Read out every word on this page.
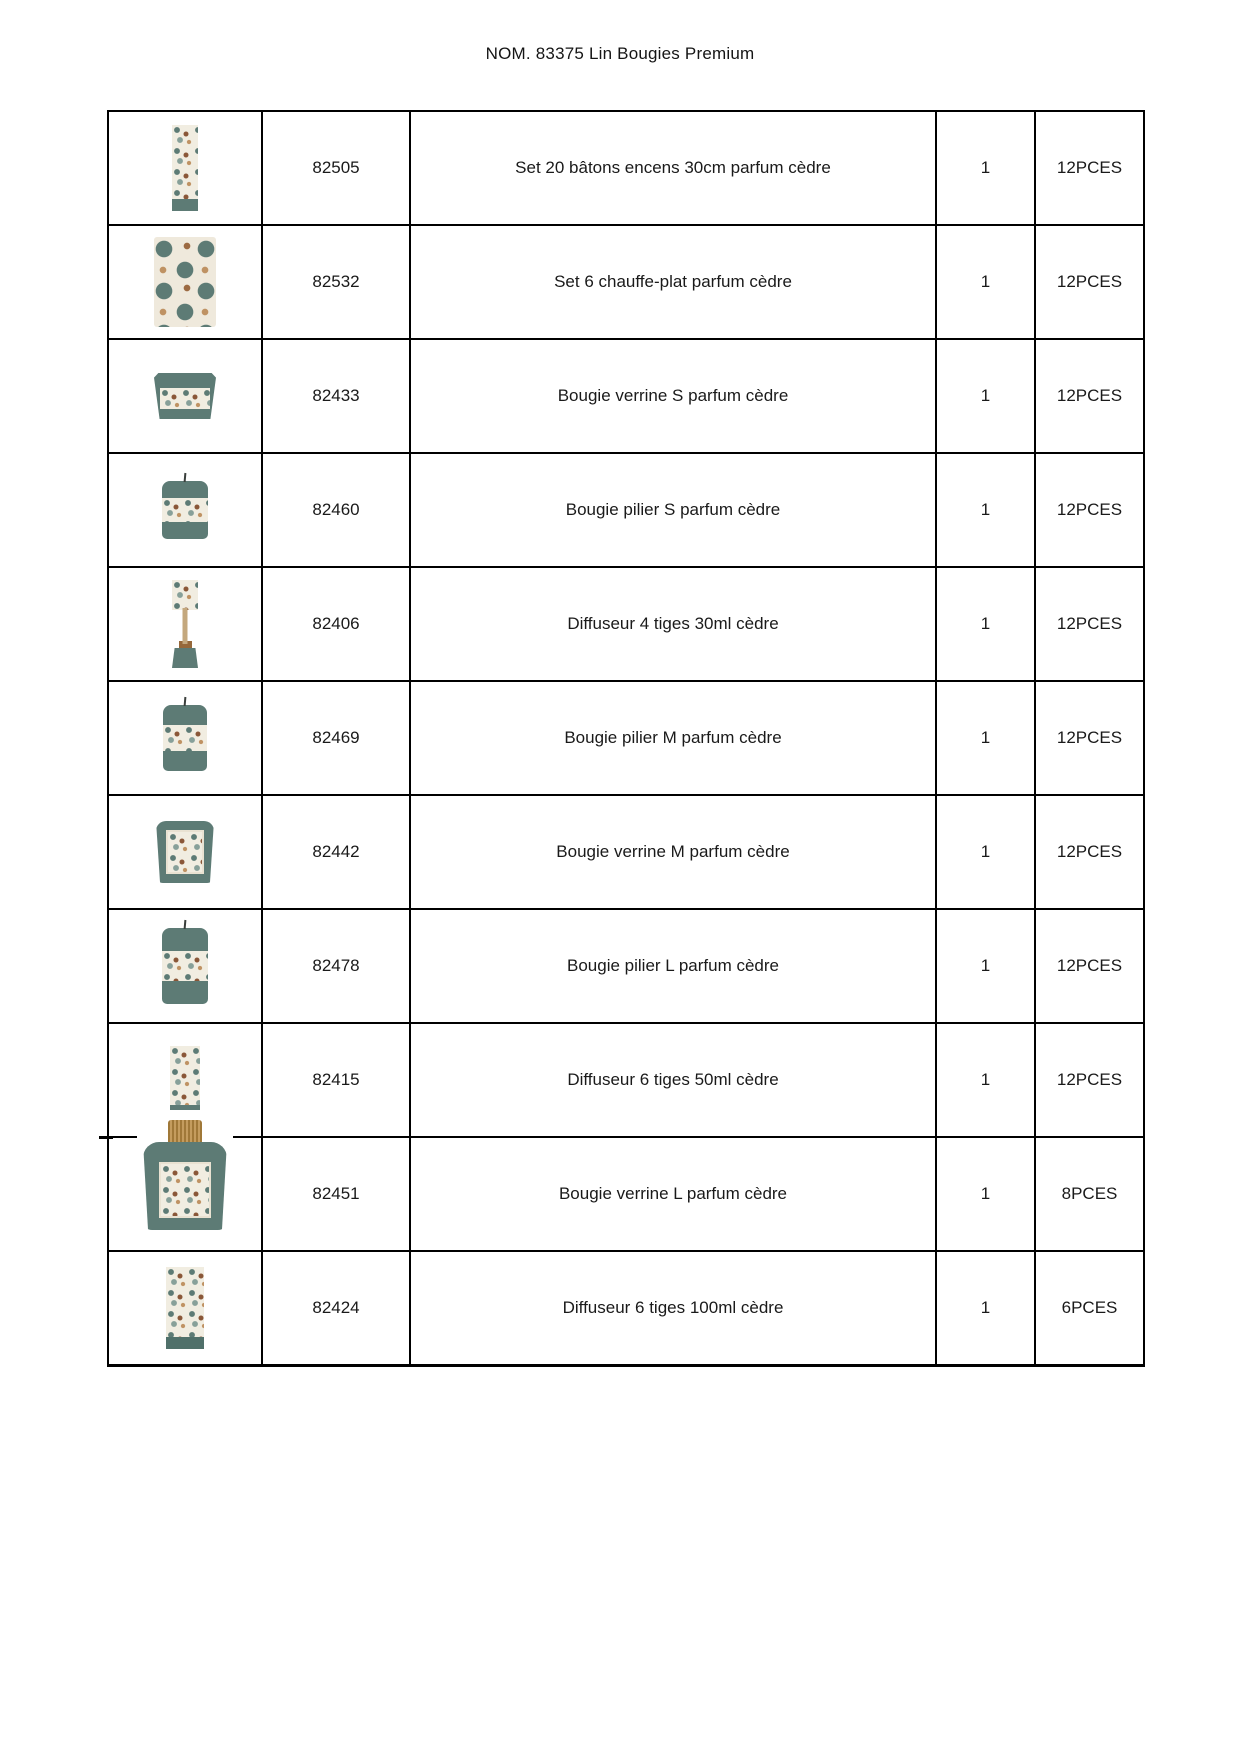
NOM. 83375 Lin Bougies Premium
	82505	Set 20 bâtons encens 30cm parfum cèdre	1	12PCES

	82532	Set 6 chauffe-plat parfum cèdre	1	12PCES

	82433	Bougie verrine S parfum cèdre	1	12PCES

	82460	Bougie pilier S parfum cèdre	1	12PCES

	82406	Diffuseur 4 tiges 30ml cèdre	1	12PCES

	82469	Bougie pilier M parfum cèdre	1	12PCES

	82442	Bougie verrine M parfum cèdre	1	12PCES

	82478	Bougie pilier L parfum cèdre	1	12PCES

	82415	Diffuseur 6 tiges 50ml cèdre	1	12PCES

	82451	Bougie verrine L parfum cèdre	1	8PCES

	82424	Diffuseur 6 tiges 100ml cèdre	1	6PCES
